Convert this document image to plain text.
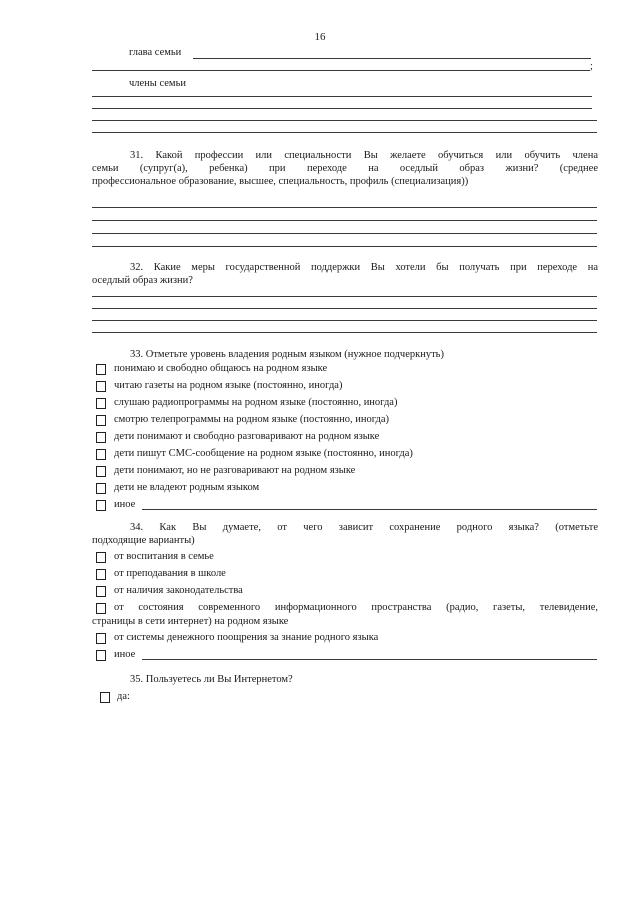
16
глава семьи
;
члены семьи
31. Какой профессии или специальности Вы желаете обучиться или обучить члена
семьи (супруг(а), ребенка) при переходе на оседлый образ жизни? (среднее
профессиональное образование, высшее, специальность, профиль (специализация))
32. Какие меры государственной поддержки Вы хотели бы получать при переходе на
оседлый образ жизни?
33. Отметьте уровень владения родным языком (нужное подчеркнуть)
понимаю и свободно общаюсь на родном языке
читаю газеты на родном языке (постоянно, иногда)
слушаю радиопрограммы на родном языке (постоянно, иногда)
смотрю телепрограммы на родном языке (постоянно, иногда)
дети понимают и свободно разговаривают на родном языке
дети пишут СМС-сообщение на родном языке (постоянно, иногда)
дети понимают, но не разговаривают на родном языке
дети не владеют родным языком
иное
34. Как Вы думаете, от чего зависит сохранение родного языка? (отметьте
подходящие варианты)
от воспитания в семье
от преподавания в школе
от наличия законодательства
от состояния современного информационного пространства (радио, газеты, телевидение,
страницы в сети интернет) на родном языке
от системы денежного поощрения за знание родного языка
иное
35. Пользуетесь ли Вы Интернетом?
да:
